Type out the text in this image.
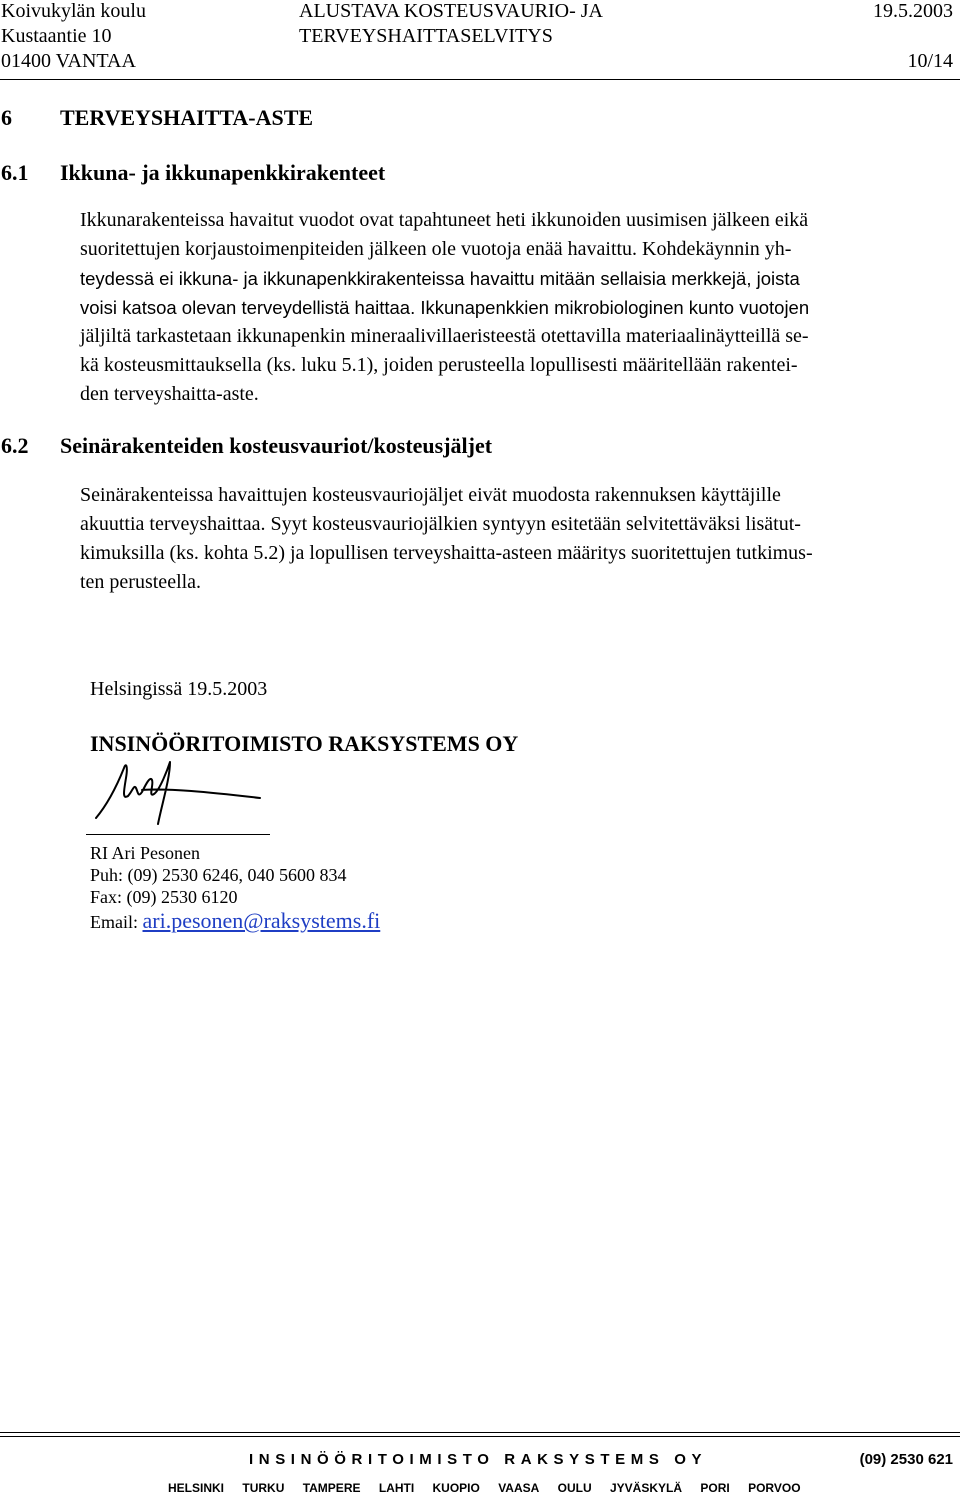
Koivukylän koulu
Kustaantie 10
01400 VANTAA
ALUSTAVA KOSTEUSVAURIO- JA
TERVEYSHAITTASELVITYS
19.5.2003
10/14
6 TERVEYSHAITTA-ASTE
6.1 Ikkuna- ja ikkunapenkkirakenteet
Ikkunarakenteissa havaitut vuodot ovat tapahtuneet heti ikkunoiden uusimisen jälkeen eikä
suoritettujen korjaustoimenpiteiden jälkeen ole vuotoja enää havaittu. Kohdekäynnin yh-
teydessä ei ikkuna- ja ikkunapenkkirakenteissa havaittu mitään sellaisia merkkejä, joista
voisi katsoa olevan terveydellistä haittaa. Ikkunapenkkien mikrobiologinen kunto vuotojen
jäljiltä tarkastetaan ikkunapenkin mineraalivillaeristeestä otettavilla materiaalinäytteillä se-
kä kosteusmittauksella (ks. luku 5.1), joiden perusteella lopullisesti määritellään rakentei-
den terveyshaitta-aste.
6.2 Seinärakenteiden kosteusvauriot/kosteusjäljet
Seinärakenteissa havaittujen kosteusvauriojäljet eivät muodosta rakennuksen käyttäjille
akuuttia terveyshaittaa. Syyt kosteusvauriojälkien syntyyn esitetään selvitettäväksi lisätut-
kimuksilla (ks. kohta 5.2) ja lopullisen terveyshaitta-asteen määritys suoritettujen tutkimus-
ten perusteella.
Helsingissä 19.5.2003
INSINÖÖRITOIMISTO RAKSYSTEMS OY
RI Ari Pesonen
Puh: (09) 2530 6246, 040 5600 834
Fax: (09) 2530 6120
Email: ari.pesonen@raksystems.fi
INSINÖÖRITOIMISTO RAKSYSTEMS OY	(09) 2530 621
HELSINKI TURKU TAMPERE LAHTI KUOPIO VAASA OULU JYVÄSKYLÄ PORI PORVOO
